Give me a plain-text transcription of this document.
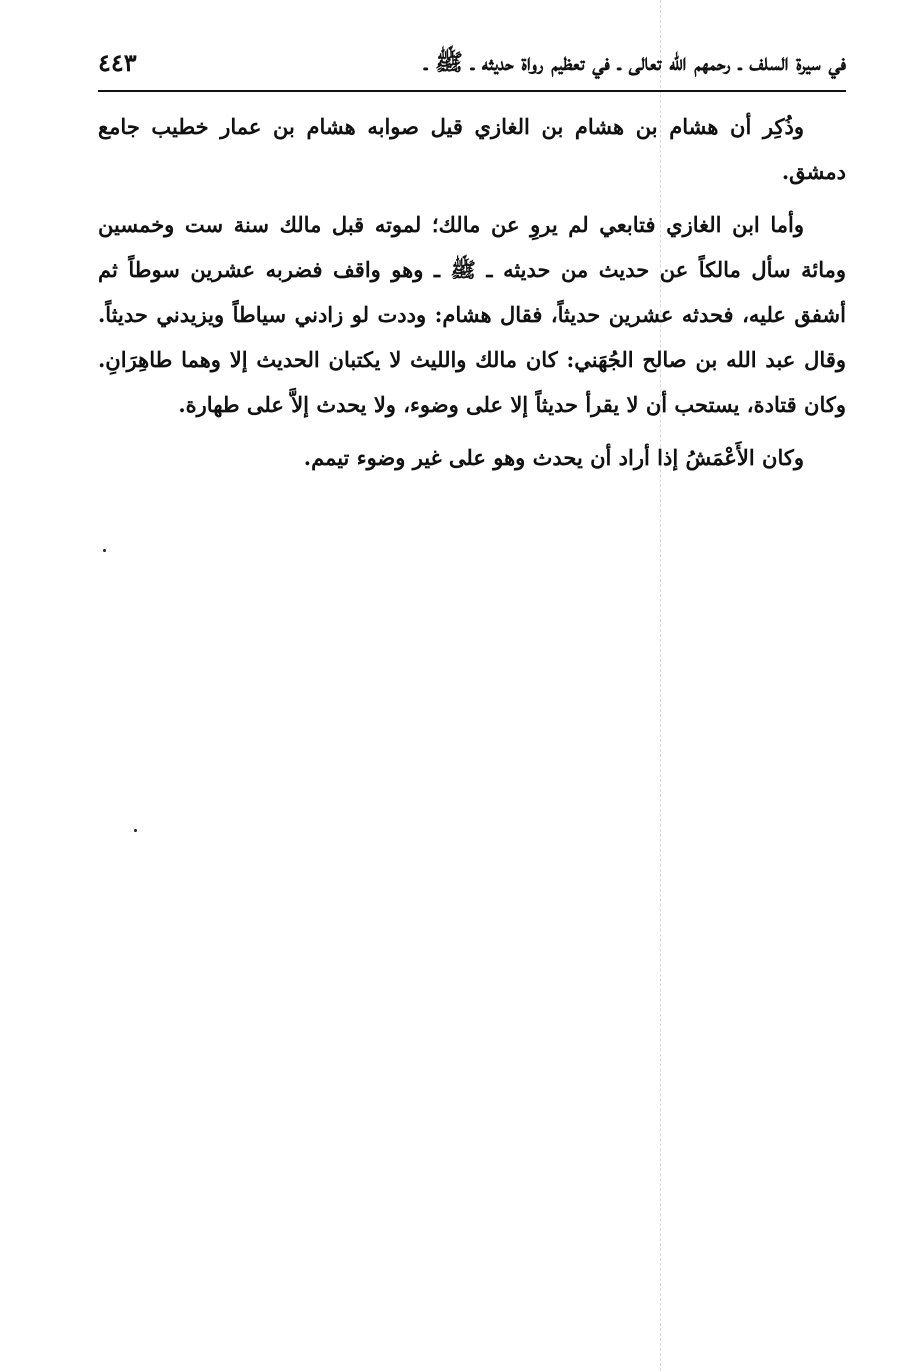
في سيرة السلف ـ رحمهم الله تعالى ـ في تعظيم رواة حديثه ـ ﷺ ـ
٤٤٣

وذُكِر أن هشام بن هشام بن الغازي قيل صوابه هشام بن عمار خطيب جامع دمشق.

وأما ابن الغازي فتابعي لم يروِ عن مالك؛ لموته قبل مالك سنة ست وخمسين ومائة سأل مالكاً عن حديث من حديثه ـ ﷺ ـ وهو واقف فضربه عشرين سوطاً ثم أشفق عليه، فحدثه عشرين حديثاً، فقال هشام: وددت لو زادني سياطاً ويزيدني حديثاً. وقال عبد الله بن صالح الجُهَني: كان مالك والليث لا يكتبان الحديث إلا وهما طاهِرَانِ. وكان قتادة، يستحب أن لا يقرأ حديثاً إلا على وضوء، ولا يحدث إلاَّ على طهارة.

وكان الأَعْمَشُ إذا أراد أن يحدث وهو على غير وضوء تيمم.
